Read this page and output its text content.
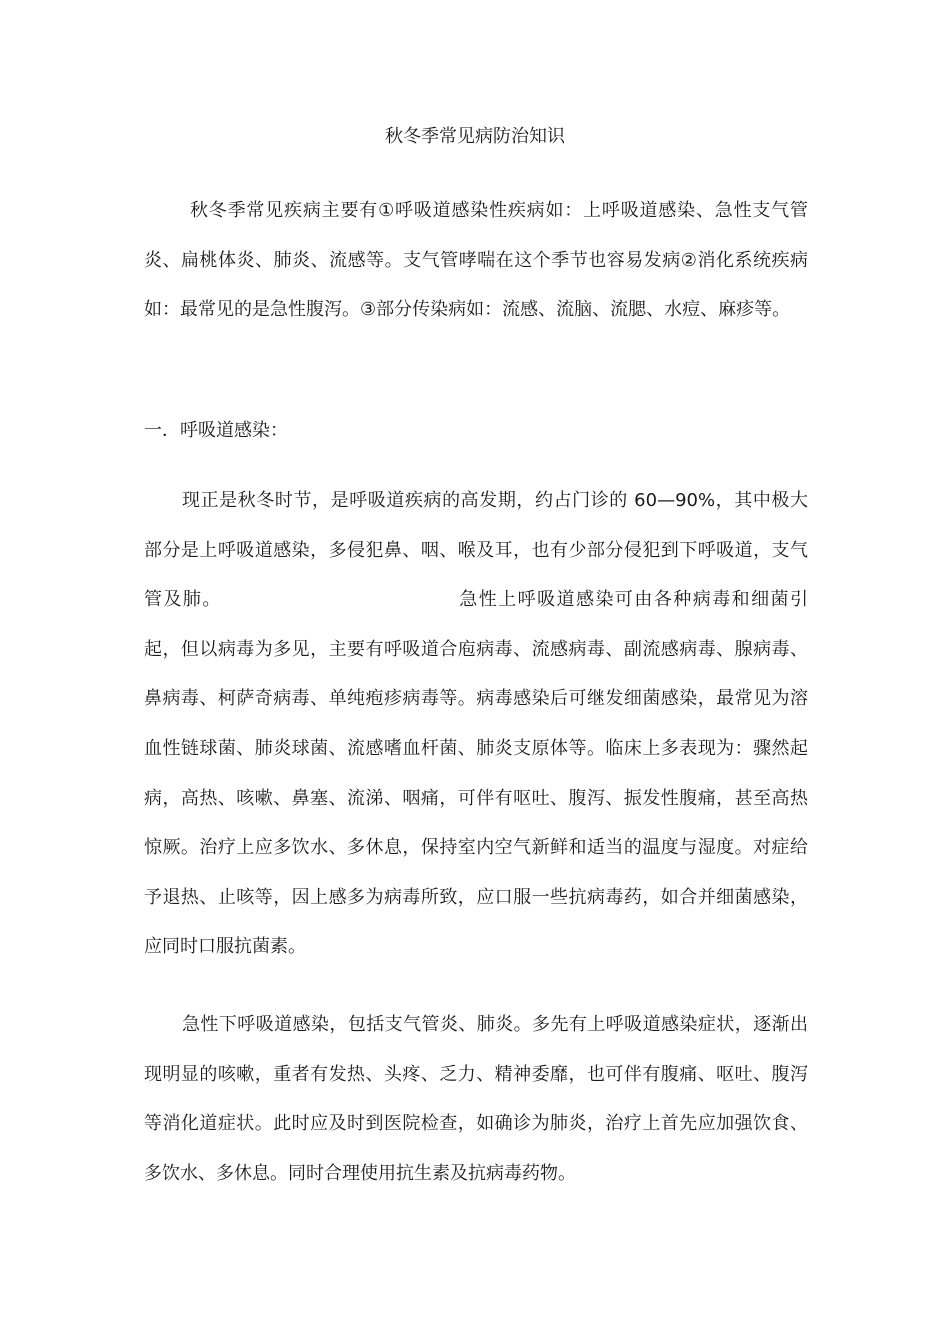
秋冬季常见病防治知识

秋冬季常见疾病主要有①呼吸道感染性疾病如：上呼吸道感染、急性支气管炎、扁桃体炎、肺炎、流感等。支气管哮喘在这个季节也容易发病②消化系统疾病如：最常见的是急性腹泻。③部分传染病如：流感、流脑、流腮、水痘、麻疹等。

一．呼吸道感染：

现正是秋冬时节，是呼吸道疾病的高发期，约占门诊的 60—90%，其中极大部分是上呼吸道感染，多侵犯鼻、咽、喉及耳，也有少部分侵犯到下呼吸道，支气管及肺。	急性上呼吸道感染可由各种病毒和细菌引起，但以病毒为多见，主要有呼吸道合庖病毒、流感病毒、副流感病毒、腺病毒、鼻病毒、柯萨奇病毒、单纯疱疹病毒等。病毒感染后可继发细菌感染，最常见为溶血性链球菌、肺炎球菌、流感嗜血杆菌、肺炎支原体等。临床上多表现为：骤然起病，高热、咳嗽、鼻塞、流涕、咽痛，可伴有呕吐、腹泻、振发性腹痛，甚至高热惊厥。治疗上应多饮水、多休息，保持室内空气新鲜和适当的温度与湿度。对症给予退热、止咳等，因上感多为病毒所致，应口服一些抗病毒药，如合并细菌感染，应同时口服抗菌素。

急性下呼吸道感染，包括支气管炎、肺炎。多先有上呼吸道感染症状，逐渐出现明显的咳嗽，重者有发热、头疼、乏力、精神委靡，也可伴有腹痛、呕吐、腹泻等消化道症状。此时应及时到医院检查，如确诊为肺炎，治疗上首先应加强饮食、多饮水、多休息。同时合理使用抗生素及抗病毒药物。
